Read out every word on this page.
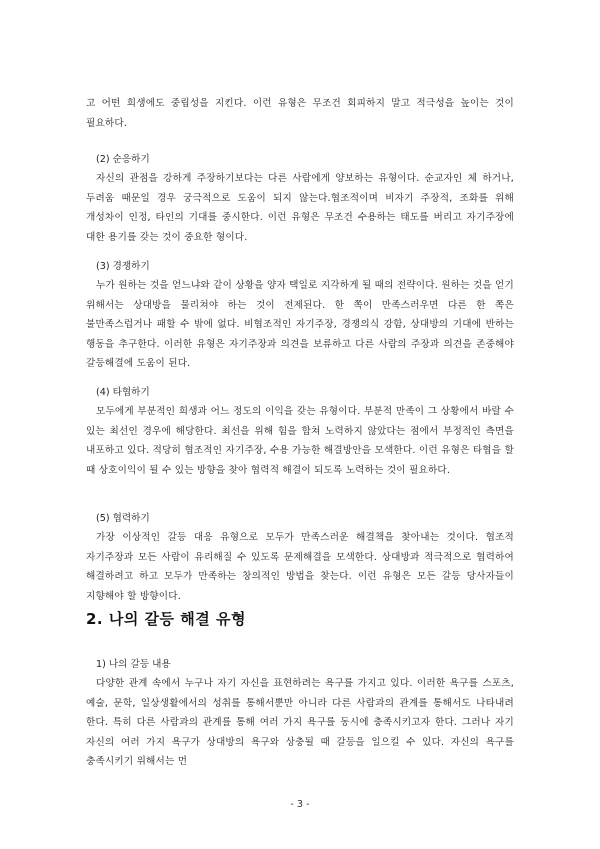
고 어떤 희생에도 중립성을 지킨다. 이런 유형은 무조건 회피하지 말고 적극성을 높이는 것이 필요하다.

(2) 순응하기

자신의 관점을 강하게 주장하기보다는 다른 사람에게 양보하는 유형이다. 순교자인 체 하거나, 두려움 때문일 경우 궁극적으로 도움이 되지 않는다.협조적이며 비자기 주장적, 조화를 위해 개성차이 인정, 타인의 기대를 중시한다. 이런 유형은 무조건 수용하는 태도를 버리고 자기주장에 대한 용기를 갖는 것이 중요한 형이다.

(3) 경쟁하기

누가 원하는 것을 얻느냐와 같이 상황을 양자 택일로 지각하게 될 때의 전략이다. 원하는 것을 얻기 위해서는 상대방을 물리쳐야 하는 것이 전제된다. 한 쪽이 만족스러우면 다른 한 쪽은 불만족스럽거나 패할 수 밖에 없다. 비협조적인 자기주장, 경쟁의식 강함, 상대방의 기대에 반하는 행동을 추구한다. 이러한 유형은 자기주장과 의견을 보류하고 다른 사람의 주장과 의견을 존중해야 갈등해결에 도움이 된다.

(4) 타협하기

모두에게 부분적인 희생과 어느 정도의 이익을 갖는 유형이다. 부분적 만족이 그 상황에서 바랄 수 있는 최선인 경우에 해당한다. 최선을 위해 힘을 합쳐 노력하지 않았다는 점에서 부정적인 측면을 내포하고 있다. 적당히 협조적인 자기주장, 수용 가능한 해결방안을 모색한다. 이런 유형은 타협을 할 때 상호이익이 될 수 있는 방향을 찾아 협력적 해결이 되도록 노력하는 것이 필요하다.

(5) 협력하기

가장 이상적인 갈등 대응 유형으로 모두가 만족스러운 해결책을 찾아내는 것이다. 협조적 자기주장과 모든 사람이 유리해질 수 있도록 문제해결을 모색한다. 상대방과 적극적으로 협력하여 해결하려고 하고 모두가 만족하는 창의적인 방법을 찾는다. 이런 유형은 모든 갈등 당사자들이 지향해야 할 방향이다.

2. 나의 갈등 해결 유형

1) 나의 갈등 내용

다양한 관계 속에서 누구나 자기 자신을 표현하려는 욕구를 가지고 있다. 이러한 욕구를 스포츠, 예술, 문학, 일상생활에서의 성취를 통해서뿐만 아니라 다른 사람과의 관계를 통해서도 나타내려 한다. 특히 다른 사람과의 관계를 통해 여러 가지 욕구를 동시에 충족시키고자 한다. 그러나 자기 자신의 여러 가지 욕구가 상대방의 욕구와 상충될 때 갈등을 일으킬 수 있다. 자신의 욕구를 충족시키기 위해서는 먼

- 3 -
